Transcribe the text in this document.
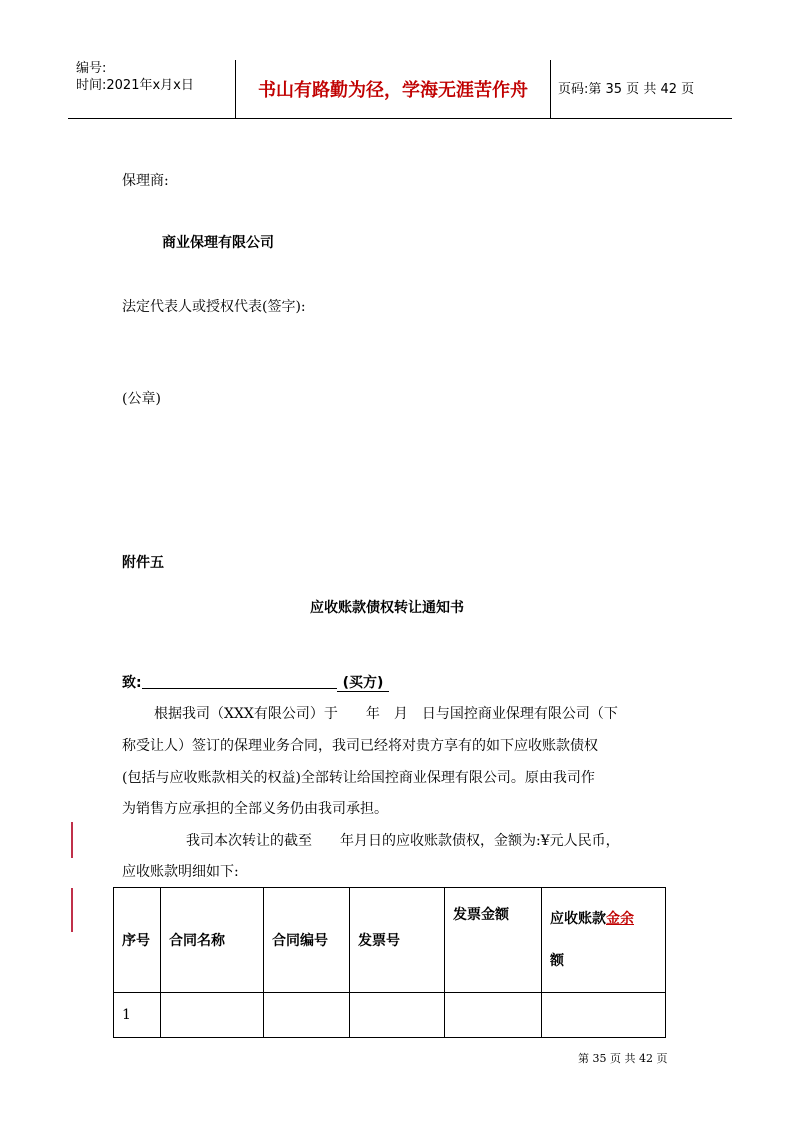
编号:
时间:2021年x月x日	书山有路勤为径，学海无涯苦作舟	页码:第 35 页 共 42 页
保理商:
商业保理有限公司
法定代表人或授权代表(签字):
(公章)
附件五
应收账款债权转让通知书
致:	(买方)
根据我司（XXX有限公司）于　　年　月　日与国控商业保理有限公司（下
称受让人）签订的保理业务合同，我司已经将对贵方享有的如下应收账款债权
(包括与应收账款相关的权益)全部转让给国控商业保理有限公司。原由我司作
为销售方应承担的全部义务仍由我司承担。
我司本次转让的截至　　年月日的应收账款债权，金额为:¥元人民币，
应收账款明细如下:
序号	合同名称	合同编号	发票号	发票金额	应收账款金余
额
1					
第 35 页 共 42 页
